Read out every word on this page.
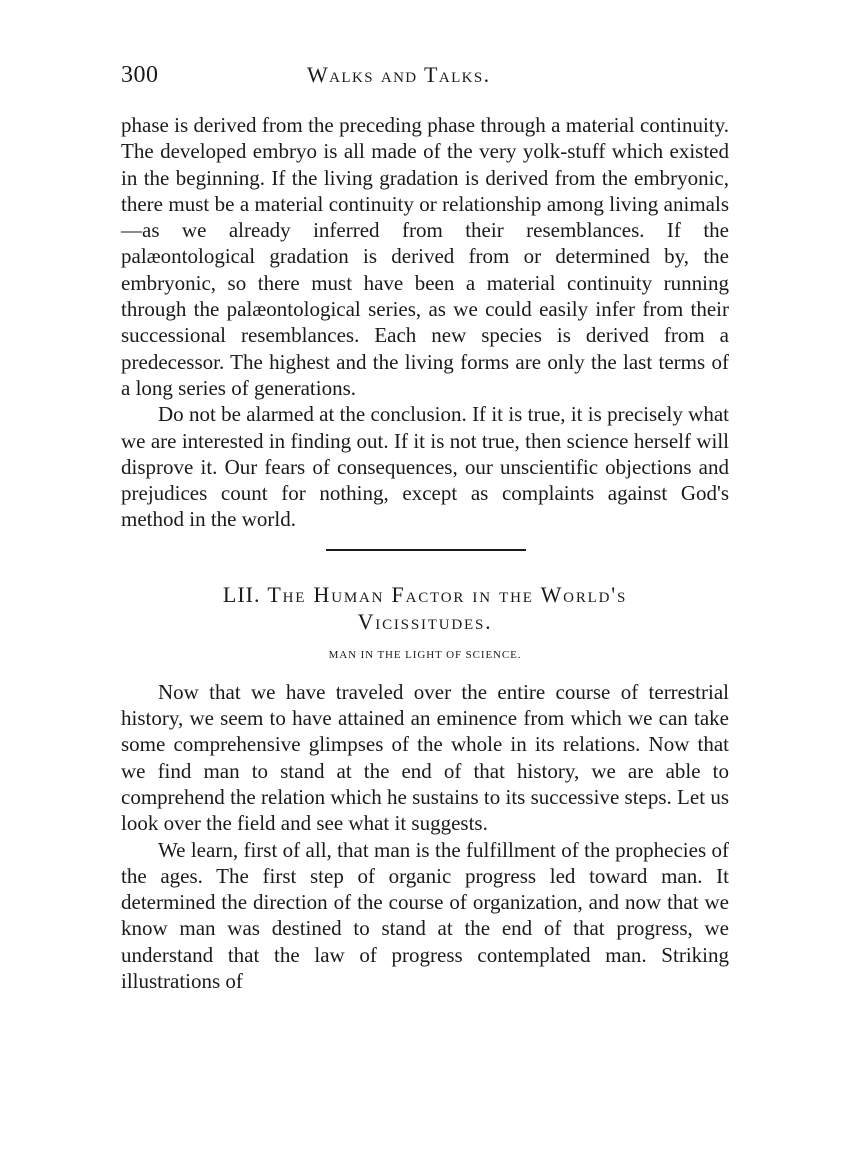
300	Walks and Talks.

phase is derived from the preceding phase through a material continuity. The developed embryo is all made of the very yolk-stuff which existed in the beginning. If the living gradation is derived from the embryonic, there must be a material continuity or relationship among living animals—as we already inferred from their resemblances. If the palæontological gradation is derived from or determined by, the embryonic, so there must have been a material continuity running through the palæontological series, as we could easily infer from their successional resemblances. Each new species is derived from a predecessor. The highest and the living forms are only the last terms of a long series of generations.

Do not be alarmed at the conclusion. If it is true, it is precisely what we are interested in finding out. If it is not true, then science herself will disprove it. Our fears of consequences, our unscientific objections and prejudices count for nothing, except as complaints against God's method in the world.

LII. The Human Factor in the World's
Vicissitudes.
MAN IN THE LIGHT OF SCIENCE.

Now that we have traveled over the entire course of terrestrial history, we seem to have attained an eminence from which we can take some comprehensive glimpses of the whole in its relations. Now that we find man to stand at the end of that history, we are able to comprehend the relation which he sustains to its successive steps. Let us look over the field and see what it suggests.

We learn, first of all, that man is the fulfillment of the prophecies of the ages. The first step of organic progress led toward man. It determined the direction of the course of organization, and now that we know man was destined to stand at the end of that progress, we understand that the law of progress contemplated man. Striking illustrations of
